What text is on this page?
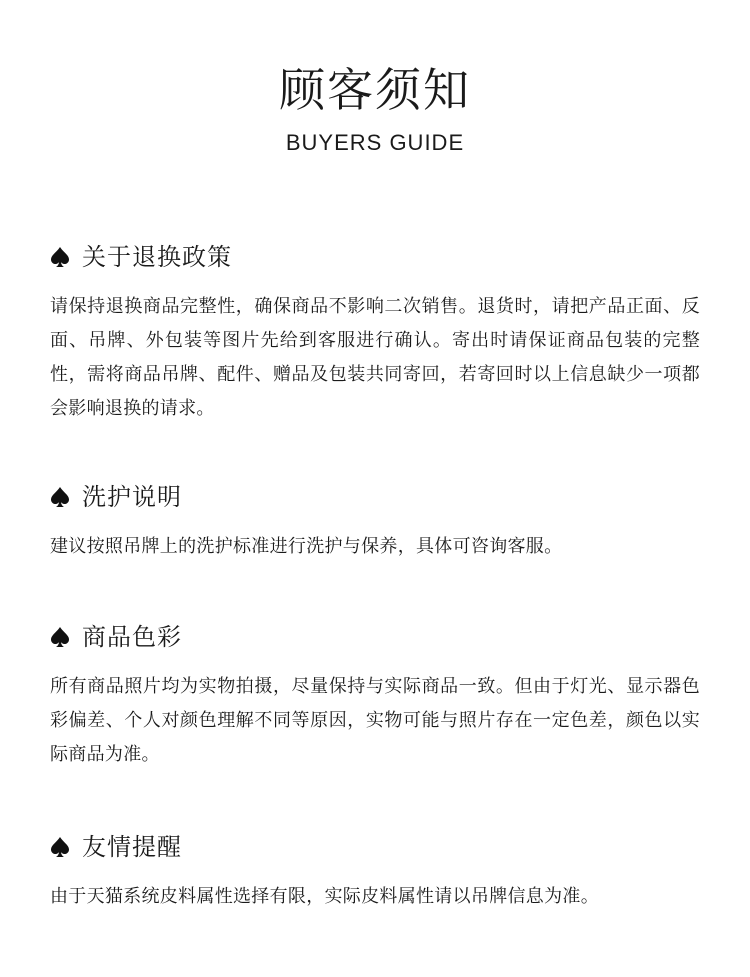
顾客须知
BUYERS GUIDE
关于退换政策
请保持退换商品完整性，确保商品不影响二次销售。退货时，请把产品正面、反面、吊牌、外包装等图片先给到客服进行确认。寄出时请保证商品包装的完整性，需将商品吊牌、配件、赠品及包装共同寄回，若寄回时以上信息缺少一项都会影响退换的请求。
洗护说明
建议按照吊牌上的洗护标准进行洗护与保养，具体可咨询客服。
商品色彩
所有商品照片均为实物拍摄，尽量保持与实际商品一致。但由于灯光、显示器色彩偏差、个人对颜色理解不同等原因，实物可能与照片存在一定色差，颜色以实际商品为准。
友情提醒
由于天猫系统皮料属性选择有限，实际皮料属性请以吊牌信息为准。
